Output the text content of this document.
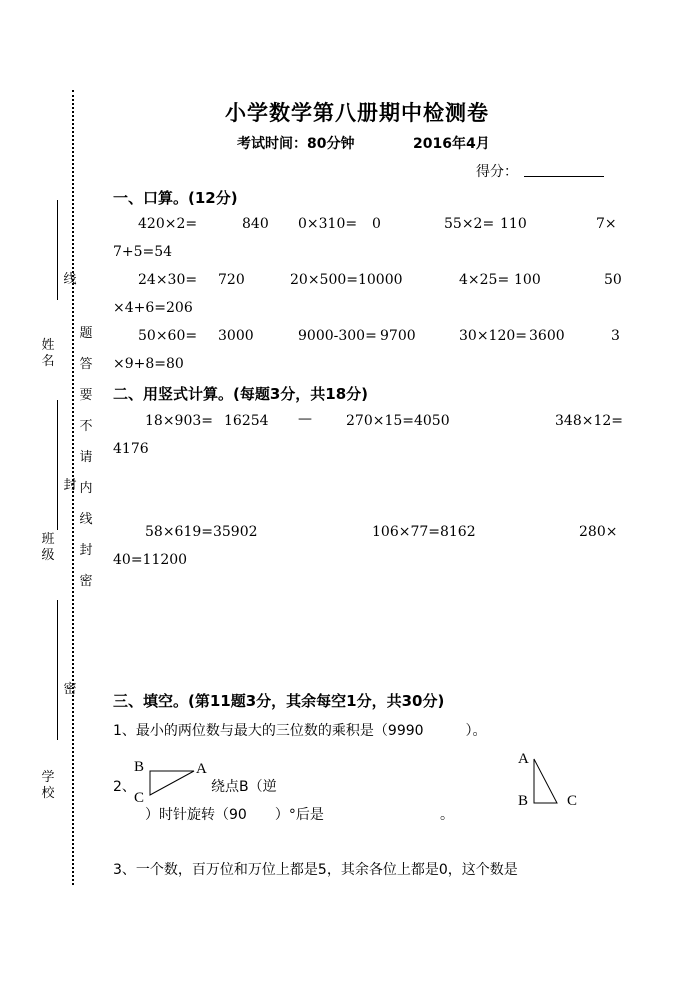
姓名
班级
学校
线
题答要不请内线封密
封
密
小学数学第八册期中检测卷
考试时间：80分钟	2016年4月
得分：
一、口算。(12分)
420×2=	840 0×310= 0	55×2= 110	7×
7+5=54
24×30= 720	20×500=10000	4×25= 100	50
×4+6=206
50×60= 3000	9000-300= 9700	30×120= 3600	3
×9+8=80
二、用竖式计算。(每题3分，共18分)
18×903= 16254 — 270×15=4050	348×12=
4176
58×619=35902	106×77=8162	280×
40=11200
三、填空。(第11题3分，其余每空1分，共30分)
1、最小的两位数与最大的三位数的乘积是（9990　　　）。
2、
B	A
C
绕点B（逆
）时针旋转（90　　）°后是	。
A
B	C
3、一个数，百万位和万位上都是5，其余各位上都是0，这个数是
